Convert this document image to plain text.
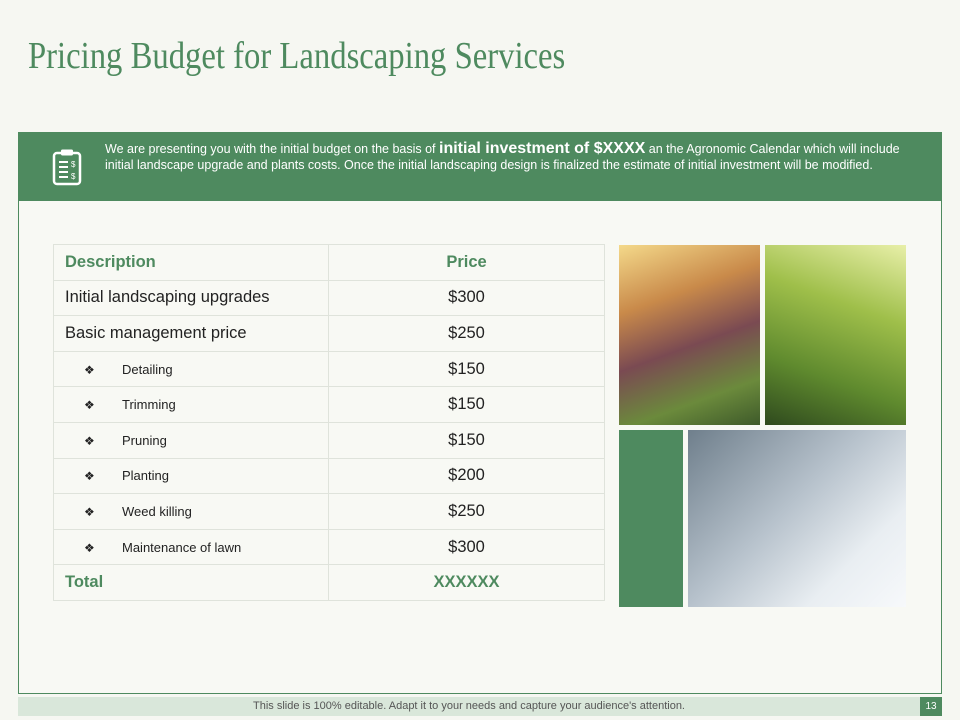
Pricing Budget for Landscaping Services
$
$
We are presenting you with the initial budget on the basis of initial investment of $XXXX an the Agronomic Calendar which will include initial landscape upgrade and plants costs. Once the initial landscaping design is finalized the estimate of initial investment will be modified.
Description	Price
Initial landscaping upgrades	$300
Basic management price	$250
❖ Detailing	$150
❖ Trimming	$150
❖ Pruning	$150
❖ Planting	$200
❖ Weed killing	$250
❖ Maintenance of lawn	$300
Total	XXXXXX
This slide is 100% editable. Adapt it to your needs and capture your audience's attention.	13
